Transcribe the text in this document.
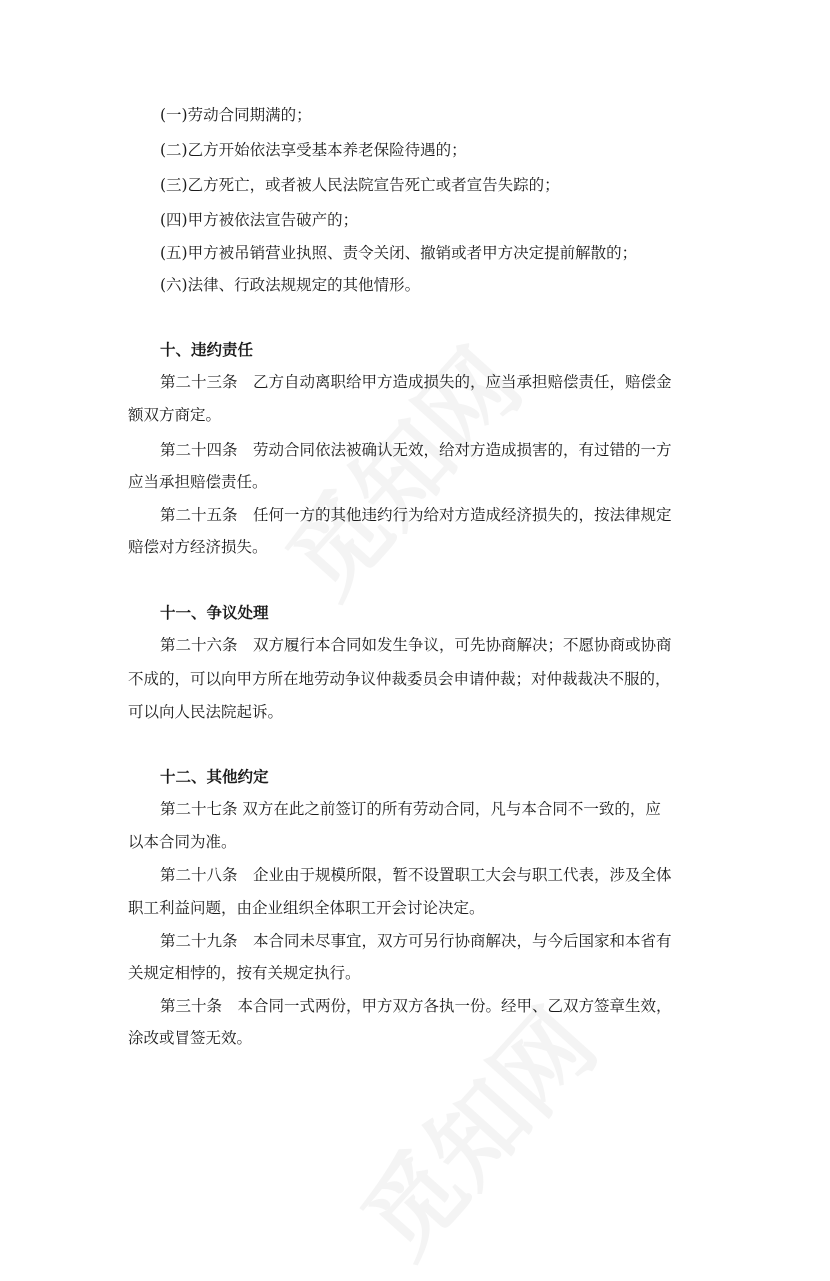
(一)劳动合同期满的；
(二)乙方开始依法享受基本养老保险待遇的；
(三)乙方死亡，或者被人民法院宣告死亡或者宣告失踪的；
(四)甲方被依法宣告破产的；
(五)甲方被吊销营业执照、责令关闭、撤销或者甲方决定提前解散的；
(六)法律、行政法规规定的其他情形。
十、违约责任
第二十三条　乙方自动离职给甲方造成损失的，应当承担赔偿责任，赔偿金
额双方商定。
第二十四条　劳动合同依法被确认无效，给对方造成损害的，有过错的一方
应当承担赔偿责任。
第二十五条　任何一方的其他违约行为给对方造成经济损失的，按法律规定
赔偿对方经济损失。
十一、争议处理
第二十六条　双方履行本合同如发生争议，可先协商解决；不愿协商或协商
不成的，可以向甲方所在地劳动争议仲裁委员会申请仲裁；对仲裁裁决不服的，
可以向人民法院起诉。
十二、其他约定
第二十七条 双方在此之前签订的所有劳动合同，凡与本合同不一致的，应
以本合同为准。
第二十八条　企业由于规模所限，暂不设置职工大会与职工代表，涉及全体
职工利益问题，由企业组织全体职工开会讨论决定。
第二十九条　本合同未尽事宜，双方可另行协商解决，与今后国家和本省有
关规定相悖的，按有关规定执行。
第三十条　本合同一式两份，甲方双方各执一份。经甲、乙双方签章生效，
涂改或冒签无效。
